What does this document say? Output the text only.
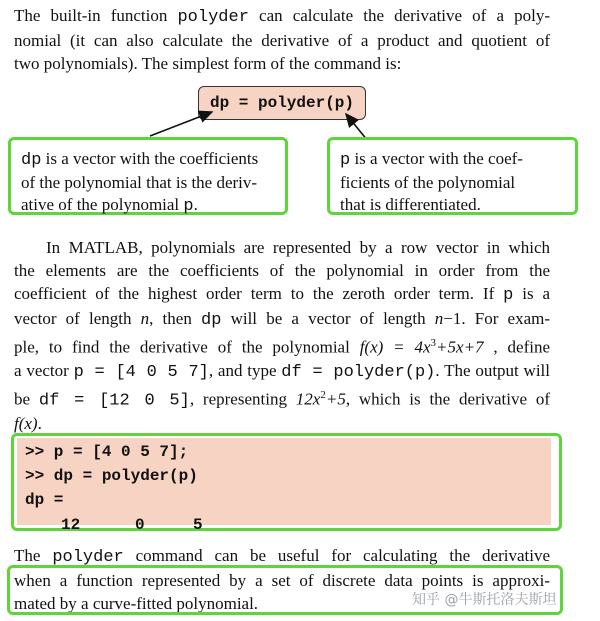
The built-in function polyder can calculate the derivative of a poly-
nomial (it can also calculate the derivative of a product and quotient of
two polynomials). The simplest form of the command is:
dp = polyder(p)
dp is a vector with the coefficients
of the polynomial that is the deriv-
ative of the polynomial p.
p is a vector with the coef-
ficients of the polynomial
that is differentiated.
In MATLAB, polynomials are represented by a row vector in which
the elements are the coefficients of the polynomial in order from the
coefficient of the highest order term to the zeroth order term. If p is a
vector of length n, then dp will be a vector of length n−1. For exam-
ple, to find the derivative of the polynomial $f(x) = 4x^3+5x+7$ , define
a vector p = [4 0 5 7], and type df = polyder(p). The output will
be df = [12 0 5], representing $12x^2+5$, which is the derivative of
f(x).
>> p = [4 0 5 7];
>> dp = polyder(p)
dp =
12	0	5
The polyder command can be useful for calculating the derivative
when a function represented by a set of discrete data points is approxi-
mated by a curve-fitted polynomial.	知乎 @牛斯托洛夫斯坦
